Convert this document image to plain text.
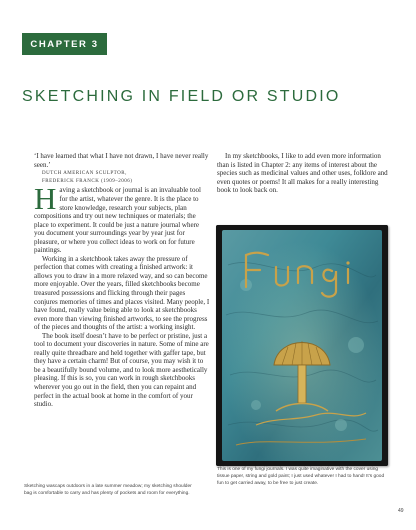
CHAPTER 3
SKETCHING IN FIELD OR STUDIO
‘I have learned that what I have not drawn, I have never really seen.’
DUTCH AMERICAN SCULPTOR,
FREDERICK FRANCK (1909–2006)

Having a sketchbook or journal is an invaluable tool for the artist, whatever the genre. It is the place to store knowledge, research your subjects, plan compositions and try out new techniques or materials; the place to experiment. It could be just a nature journal where you document your surroundings year by year just for pleasure, or where you collect ideas to work on for future paintings.

Working in a sketchbook takes away the pressure of perfection that comes with creating a finished artwork: it allows you to draw in a more relaxed way, and so can become more enjoyable. Over the years, filled sketchbooks become treasured possessions and flicking through their pages conjures memories of times and places visited. Many people, I have found, really value being able to look at sketchbooks even more than viewing finished artworks, to see the progress of the pieces and thoughts of the artist: a working insight.

The book itself doesn’t have to be perfect or pristine, just a tool to document your discoveries in nature. Some of mine are really quite threadbare and held together with gaffer tape, but they have a certain charm! But of course, you may wish it to be a beautifully bound volume, and to look more aesthetically pleasing. If this is so, you can work in rough sketchbooks wherever you go out in the field, then you can repaint and perfect in the actual book at home in the comfort of your studio.

In my sketchbooks, I like to add even more information than is listed in Chapter 2: any items of interest about the species such as medicinal values and other uses, folklore and even quotes or poems! It all makes for a really interesting book to look back on.

This is one of my fungi journals. I was quite imaginative with the cover using tissue paper, string and gold paint; I just used whatever I had to hand! It’s good fun to get carried away, to be free to just create.
Sketching wascaps outdoors in a late summer meadow; my sketching shoulder bag is comfortable to carry and has plenty of pockets and room for everything.
49
